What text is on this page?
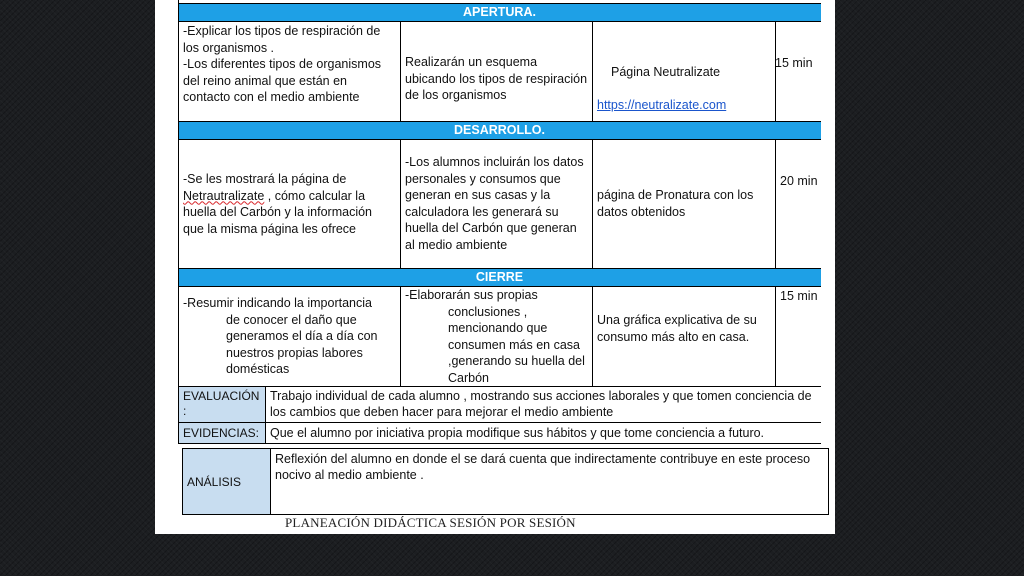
APERTURA.
DESARROLLO.
CIERRE
-Explicar los tipos de respiración de los organismos .
-Los diferentes tipos de organismos del reino animal que están en contacto con el medio ambiente
Realizarán un esquema ubicando los tipos de respiración de los organismos

Página Neutralizate

https://neutralizate.com

15 min
-Se les mostrará la página de Netrautralizate , cómo calcular la huella del Carbón y la información que la misma página les ofrece
-Los alumnos incluirán los datos personales y consumos que generan en sus casas y la calculadora les generará su huella del Carbón que generan al medio ambiente
página de Pronatura con los datos obtenidos
20 min
-Resumir indicando la importancia
de conocer el daño que generamos el día a día con nuestros propias labores domésticas
-Elaborarán sus propias
conclusiones , mencionando que consumen más en casa ,generando su huella del Carbón
Una gráfica explicativa de su consumo más alto en casa.
15 min
EVALUACIÓN
:
Trabajo individual de cada alumno , mostrando sus acciones laborales y que tomen conciencia de los cambios que deben hacer para mejorar el medio ambiente
EVIDENCIAS: Que el alumno por iniciativa propia modifique sus hábitos y que tome conciencia a futuro.
ANÁLISIS
Reflexión del alumno en donde el se dará cuenta que indirectamente contribuye en este proceso nocivo al medio ambiente .
PLANEACIÓN DIDÁCTICA SESIÓN POR SESIÓN
